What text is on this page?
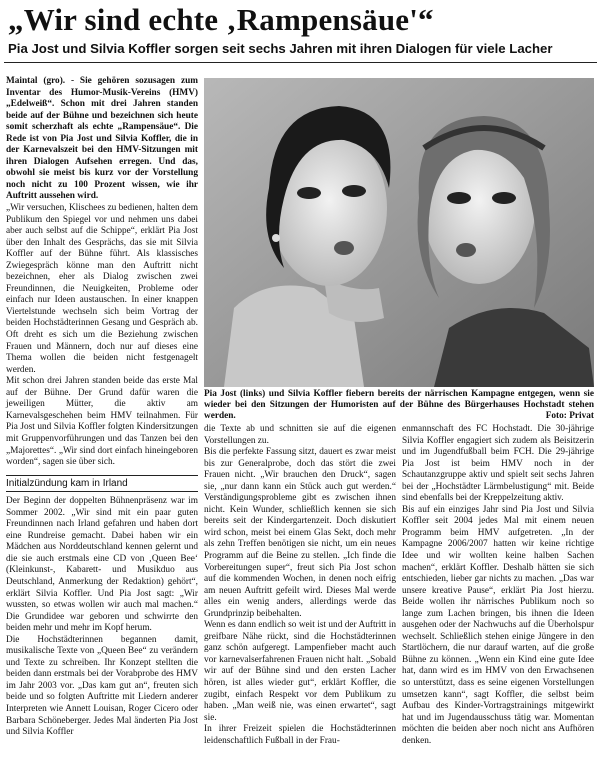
„Wir sind echte ‚Rampensäue'“
Pia Jost und Silvia Koffler sorgen seit sechs Jahren mit ihren Dialogen für viele Lacher

Maintal (gro). - Sie gehören sozusagen zum Inventar des Humor-Musik-Vereins (HMV) „Edelweiß“. Schon mit drei Jahren standen beide auf der Bühne und bezeichnen sich heute somit scherzhaft als echte „Rampensäue“. Die Rede ist von Pia Jost und Silvia Koffler, die in der Karnevalszeit bei den HMV-Sitzungen mit ihren Dialogen Aufsehen erregen. Und das, obwohl sie meist bis kurz vor der Vorstellung noch nicht zu 100 Prozent wissen, wie ihr Auftritt aussehen wird.

„Wir versuchen, Klischees zu bedienen, halten dem Publikum den Spiegel vor und nehmen uns dabei aber auch selbst auf die Schippe“, erklärt Pia Jost über den Inhalt des Gesprächs, das sie mit Silvia Koffler auf der Bühne führt. Als klassisches Zwiegespräch könne man den Auftritt nicht bezeichnen, eher als Dialog zwischen zwei Freundinnen, die Neuigkeiten, Probleme oder einfach nur Ideen austauschen. In einer knappen Viertelstunde wechseln sich beim Vortrag der beiden Hochstädterinnen Gesang und Gespräch ab. Oft dreht es sich um die Beziehung zwischen Frauen und Männern, doch nur auf dieses eine Thema wollen die beiden nicht festgenagelt werden.

Mit schon drei Jahren standen beide das erste Mal auf der Bühne. Der Grund dafür waren die jeweiligen Mütter, die aktiv am Karnevalsgeschehen beim HMV teilnahmen. Für Pia Jost und Silvia Koffler folgten Kindersitzungen mit Gruppenvorführungen und das Tanzen bei den „Majorettes“. „Wir sind dort einfach hineingeboren worden“, sagen sie über sich.

Initialzündung kam in Irland

Der Beginn der doppelten Bühnenpräsenz war im Sommer 2002. „Wir sind mit ein paar guten Freundinnen nach Irland gefahren und haben dort eine Rundreise gemacht. Dabei haben wir ein Mädchen aus Norddeutschland kennen gelernt und die sie auch erstmals eine CD von ‚Queen Bee‘ (Kleinkunst-, Kabarett- und Musikduo aus Deutschland, Anmerkung der Redaktion) gehört“, erklärt Silvia Koffler. Und Pia Jost sagt: „Wir wussten, so etwas wollen wir auch mal machen.“ Die Grundidee war geboren und schwirrte den beiden mehr und mehr im Kopf herum.

Die Hochstädterinnen begannen damit, musikalische Texte von „Queen Bee“ zu verändern und Texte zu schreiben. Ihr Konzept stellten die beiden dann erstmals bei der Vorabprobe des HMV im Jahr 2003 vor. „Das kam gut an“, freuten sich beide und so folgten Auftritte mit Liedern anderer Interpreten wie Annett Louisan, Roger Cicero oder Barbara Schöneberger. Jedes Mal änderten Pia Jost und Silvia Koffler

Pia Jost (links) und Silvia Koffler fiebern bereits der närrischen Kampagne entgegen, wenn sie wieder bei den Sitzungen der Humoristen auf der Bühne des Bürgerhauses Hochstadt stehen werden.	Foto: Privat

die Texte ab und schnitten sie auf die eigenen Vorstellungen zu.

Bis die perfekte Fassung sitzt, dauert es zwar meist bis zur Generalprobe, doch das stört die zwei Frauen nicht. „Wir brauchen den Druck“, sagen sie, „nur dann kann ein Stück auch gut werden.“ Verständigungsprobleme gibt es zwischen ihnen nicht. Kein Wunder, schließlich kennen sie sich bereits seit der Kindergartenzeit. Doch diskutiert wird schon, meist bei einem Glas Sekt, doch mehr als zehn Treffen benötigen sie nicht, um ein neues Programm auf die Beine zu stellen. „Ich finde die Vorbereitungen super“, freut sich Pia Jost schon auf die kommenden Wochen, in denen noch eifrig am neuen Auftritt gefeilt wird. Dieses Mal werde alles ein wenig anders, allerdings werde das Grundprinzip beibehalten.

Wenn es dann endlich so weit ist und der Auftritt in greifbare Nähe rückt, sind die Hochstädterinnen ganz schön aufgeregt. Lampenfieber macht auch vor karnevalserfahrenen Frauen nicht halt. „Sobald wir auf der Bühne sind und den ersten Lacher hören, ist alles wieder gut“, erklärt Koffler, die zugibt, einfach Respekt vor dem Publikum zu haben. „Man weiß nie, was einen erwartet“, sagt sie.

In ihrer Freizeit spielen die Hochstädterinnen leidenschaftlich Fußball in der Frau-

enmannschaft des FC Hochstadt. Die 30-jährige Silvia Koffler engagiert sich zudem als Beisitzerin und im Jugendfußball beim FCH. Die 29-jährige Pia Jost ist beim HMV noch in der Schautanzgruppe aktiv und spielt seit sechs Jahren bei der „Hochstädter Lärmbelustigung“ mit. Beide sind ebenfalls bei der Kreppelzeitung aktiv.

Bis auf ein einziges Jahr sind Pia Jost und Silvia Koffler seit 2004 jedes Mal mit einem neuen Programm beim HMV aufgetreten. „In der Kampagne 2006/2007 hatten wir keine richtige Idee und wir wollten keine halben Sachen machen“, erklärt Koffler. Deshalb hätten sie sich entschieden, lieber gar nichts zu machen. „Das war unsere kreative Pause“, erklärt Pia Jost hierzu. Beide wollen ihr närrisches Publikum noch so lange zum Lachen bringen, bis ihnen die Ideen ausgehen oder der Nachwuchs auf die Überholspur wechselt. Schließlich stehen einige Jüngere in den Startlöchern, die nur darauf warten, auf die große Bühne zu können. „Wenn ein Kind eine gute Idee hat, dann wird es im HMV von den Erwachsenen so unterstützt, dass es seine eigenen Vorstellungen umsetzen kann“, sagt Koffler, die selbst beim Aufbau des Kinder-Vortragstrainings mitgewirkt hat und im Jugendausschuss tätig war. Momentan möchten die beiden aber noch nicht ans Aufhören denken.
